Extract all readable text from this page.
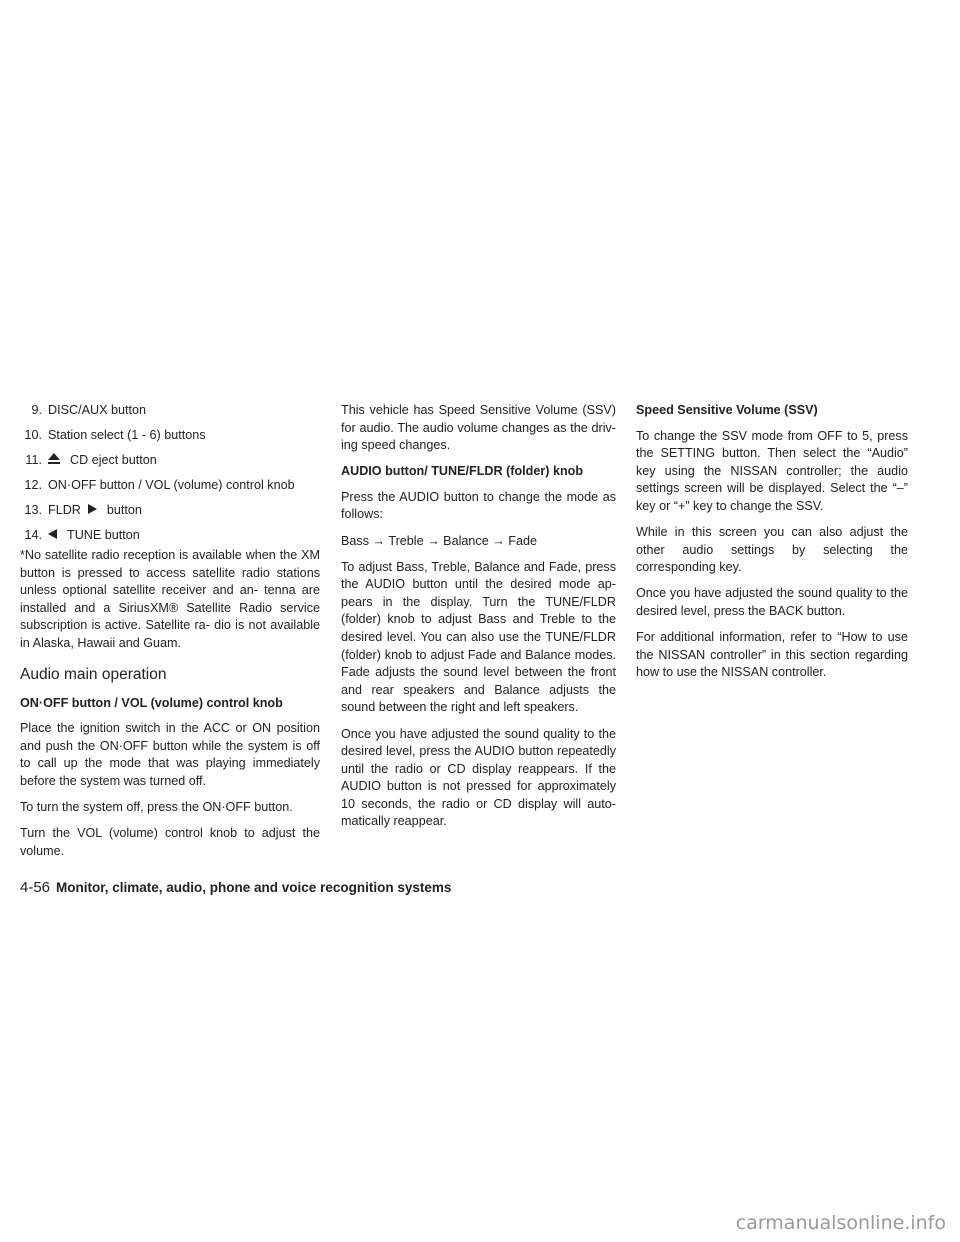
9. DISC/AUX button
10. Station select (1 - 6) buttons
11. CD eject button
12. ON·OFF button / VOL (volume) control knob
13. FLDR button
14. TUNE button

*No satellite radio reception is available when the XM button is pressed to access satellite radio stations unless optional satellite receiver and an- tenna are installed and a SiriusXM® Satellite Radio service subscription is active. Satellite ra- dio is not available in Alaska, Hawaii and Guam.

Audio main operation
ON·OFF button / VOL (volume) control knob

Place the ignition switch in the ACC or ON position and push the ON·OFF button while the system is off to call up the mode that was playing immediately before the system was turned off.

To turn the system off, press the ON·OFF button.

Turn the VOL (volume) control knob to adjust the volume.

This vehicle has Speed Sensitive Volume (SSV) for audio. The audio volume changes as the driv- ing speed changes.

AUDIO button/ TUNE/FLDR (folder) knob

Press the AUDIO button to change the mode as follows:

Bass → Treble → Balance → Fade

To adjust Bass, Treble, Balance and Fade, press the AUDIO button until the desired mode ap- pears in the display. Turn the TUNE/FLDR (folder) knob to adjust Bass and Treble to the desired level. You can also use the TUNE/FLDR (folder) knob to adjust Fade and Balance modes. Fade adjusts the sound level between the front and rear speakers and Balance adjusts the sound between the right and left speakers.

Once you have adjusted the sound quality to the desired level, press the AUDIO button repeatedly until the radio or CD display reappears. If the AUDIO button is not pressed for approximately 10 seconds, the radio or CD display will auto- matically reappear.

Speed Sensitive Volume (SSV)

To change the SSV mode from OFF to 5, press the SETTING button. Then select the “Audio” key using the NISSAN controller; the audio settings screen will be displayed. Select the “–” key or “+” key to change the SSV.

While in this screen you can also adjust the other audio settings by selecting the corresponding key.

Once you have adjusted the sound quality to the desired level, press the BACK button.

For additional information, refer to “How to use the NISSAN controller” in this section regarding how to use the NISSAN controller.

4-56 Monitor, climate, audio, phone and voice recognition systems
carmanualsonline.info
